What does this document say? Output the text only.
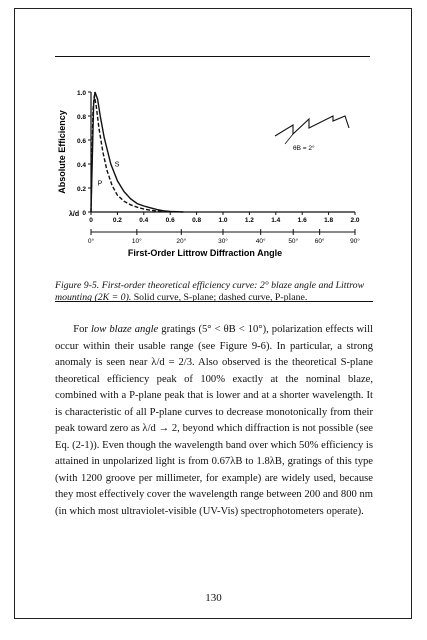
Absolute Efficiency
1.0
0.8
0.6
0.4
0.2
0
λ/d
0	0.2	0.4	0.6	0.8	1.0	1.2	1.4	1.6	1.8	2.0
0°	10°	20°	30°	40°	50°	60°	90°
S
P
θB = 2°
First-Order Littrow Diffraction Angle
Figure 9-5. First-order theoretical efficiency curve: 2° blaze angle and Littrow mounting (2K = 0). Solid curve, S-plane; dashed curve, P-plane.
For low blaze angle gratings (5° < θB < 10°), polarization effects will occur within their usable range (see Figure 9-6). In particular, a strong anomaly is seen near λ/d = 2/3. Also observed is the theoretical S-plane theoretical efficiency peak of 100% exactly at the nominal blaze, combined with a P-plane peak that is lower and at a shorter wavelength. It is characteristic of all P-plane curves to decrease monotonically from their peak toward zero as λ/d → 2, beyond which diffraction is not possible (see Eq. (2-1)). Even though the wavelength band over which 50% efficiency is attained in unpolarized light is from 0.67λB to 1.8λB, gratings of this type (with 1200 groove per millimeter, for example) are widely used, because they most effectively cover the wavelength range between 200 and 800 nm (in which most ultraviolet-visible (UV-Vis) spectrophotometers operate).
130
